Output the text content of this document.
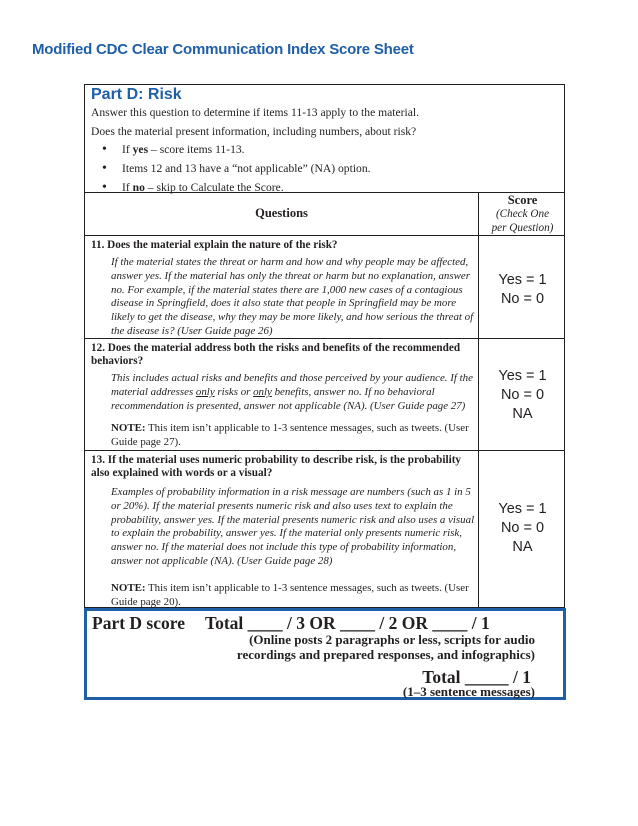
Modified CDC Clear Communication Index Score Sheet
Part D: Risk
Answer this question to determine if items 11-13 apply to the material.
Does the material present information, including numbers, about risk?
• If yes – score items 11-13.
• Items 12 and 13 have a “not applicable” (NA) option.
• If no – skip to Calculate the Score.
Questions
Score
(Check One
per Question)
11. Does the material explain the nature of the risk?
If the material states the threat or harm and how and why people may be affected, answer yes. If the material has only the threat or harm but no explanation, answer no. For example, if the material states there are 1,000 new cases of a contagious disease in Springfield, does it also state that people in Springfield may be more likely to get the disease, why they may be more likely, and how serious the threat of the disease is? (User Guide page 26)
Yes = 1
No = 0
12. Does the material address both the risks and benefits of the recommended behaviors?
This includes actual risks and benefits and those perceived by your audience. If the material addresses only risks or only benefits, answer no. If no behavioral recommendation is presented, answer not applicable (NA). (User Guide page 27)
NOTE: This item isn’t applicable to 1-3 sentence messages, such as tweets. (User Guide page 27).
Yes = 1
No = 0
NA
13. If the material uses numeric probability to describe risk, is the probability also explained with words or a visual?
Examples of probability information in a risk message are numbers (such as 1 in 5 or 20%). If the material presents numeric risk and also uses text to explain the probability, answer yes. If the material presents numeric risk and also uses a visual to explain the probability, answer yes. If the material only presents numeric risk, answer no. If the material does not include this type of probability information, answer not applicable (NA). (User Guide page 28)
NOTE: This item isn’t applicable to 1-3 sentence messages, such as tweets. (User Guide page 20).
Yes = 1
No = 0
NA
Part D score Total ____ / 3 OR ____ / 2 OR ____ / 1
(Online posts 2 paragraphs or less, scripts for audio
recordings and prepared responses, and infographics)
Total _____ / 1
(1–3 sentence messages)
